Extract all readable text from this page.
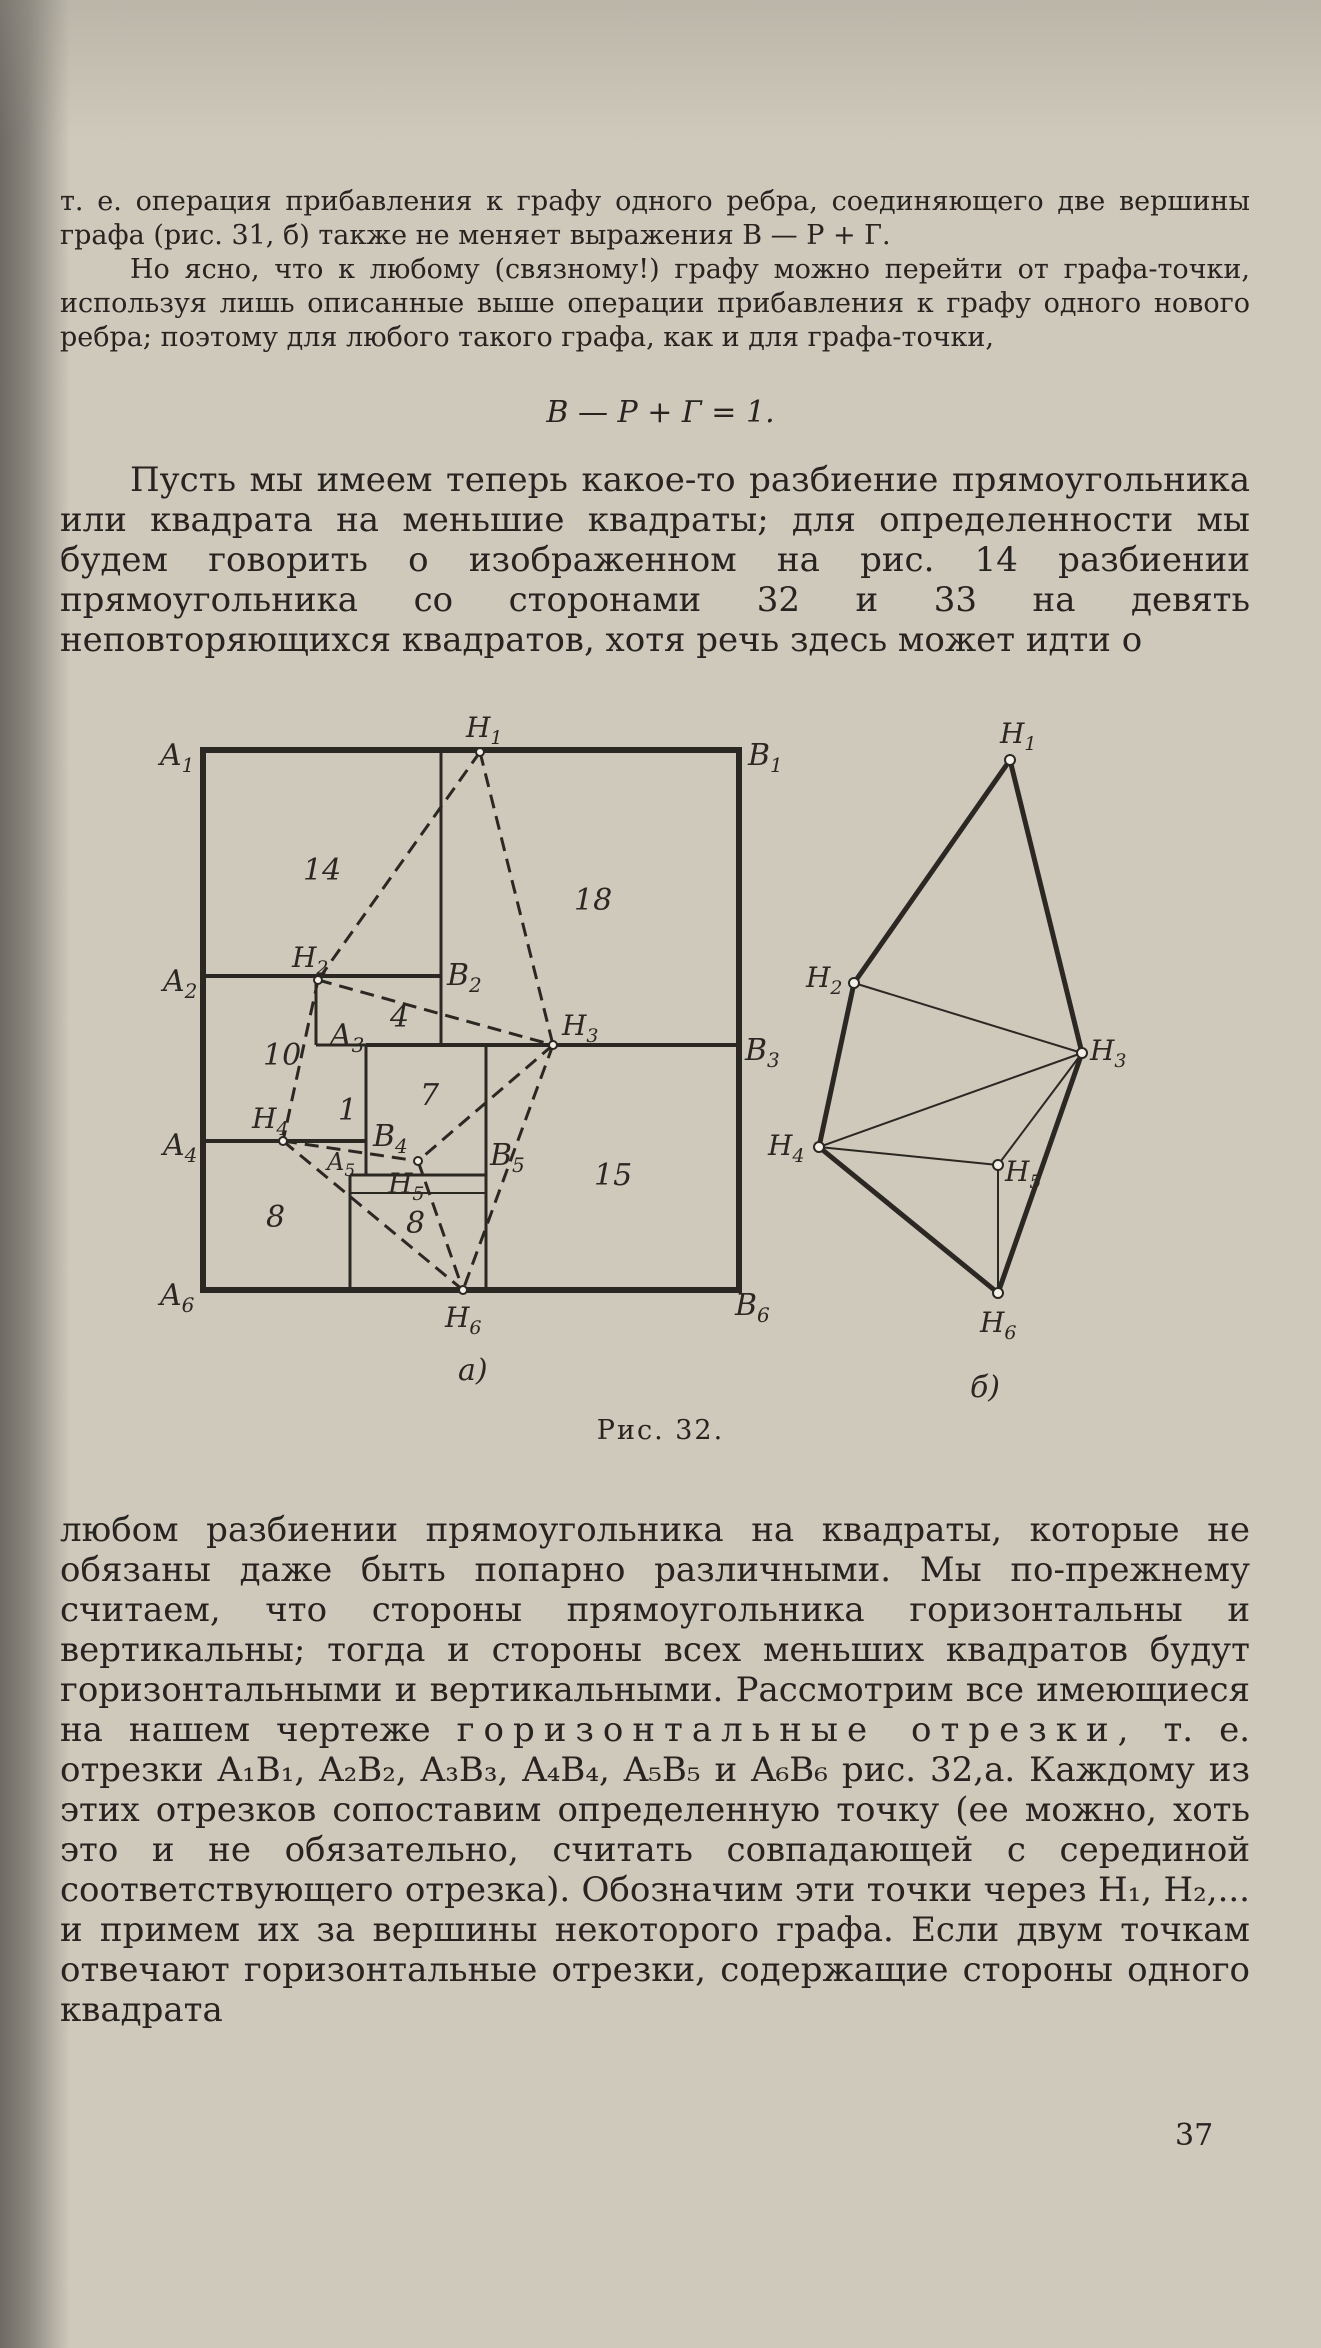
т. е. операция прибавления к графу одного ребра, соединяющего две вершины графа (рис. 31, б) также не меняет выражения В — Р + Г.

Но ясно, что к любому (связному!) графу можно перейти от графа-точки, используя лишь описанные выше операции прибавления к графу одного нового ребра; поэтому для любого такого графа, как и для графа-точки,

В — Р + Г = 1.

Пусть мы имеем теперь какое-то разбиение прямоугольника или квадрата на меньшие квадраты; для определенности мы будем говорить о изображенном на рис. 14 разбиении прямоугольника со сторонами 32 и 33 на девять неповторяющихся квадратов, хотя речь здесь может идти о

$A_1$	$B_1$
$A_2$	$B_2$
$A_3$	$B_3$
$A_4$
$B_4$
$A_5$	$B_5$
$A_6$	$B_6$
$H_1$
$H_2$
$H_3$
$H_4$
$H_5$
$H_6$
14
18
10
4
7
1
15
8	8
а)
$H_1$
$H_2$
$H_3$
$H_4$	$H_5$
$H_6$
б)
Рис. 32.

любом разбиении прямоугольника на квадраты, которые не обязаны даже быть попарно различными. Мы по-прежнему считаем, что стороны прямоугольника горизонтальны и вертикальны; тогда и стороны всех меньших квадратов будут горизонтальными и вертикальными. Рассмотрим все имеющиеся на нашем чертеже горизонтальные отрезки, т. е. отрезки A₁B₁, A₂B₂, A₃B₃, A₄B₄, A₅B₅ и A₆B₆ рис. 32,а. Каждому из этих отрезков сопоставим определенную точку (ее можно, хоть это и не обязательно, считать совпадающей с серединой соответствующего отрезка). Обозначим эти точки через H₁, H₂,... и примем их за вершины некоторого графа. Если двум точкам отвечают горизонтальные отрезки, содержащие стороны одного квадрата

37
